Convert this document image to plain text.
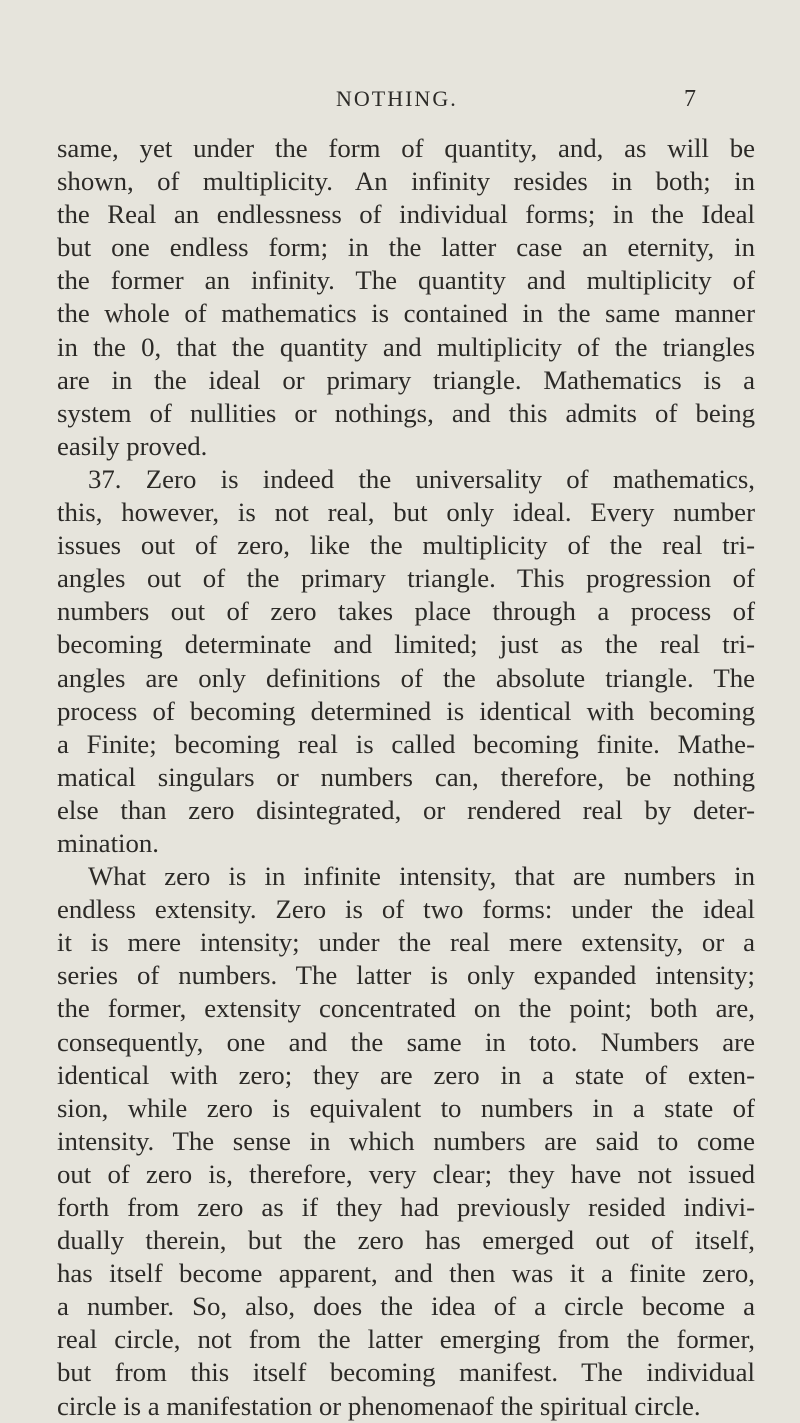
NOTHING.	7
same, yet under the form of quantity, and, as will be
shown, of multiplicity. An infinity resides in both; in
the Real an endlessness of individual forms; in the Ideal
but one endless form; in the latter case an eternity, in
the former an infinity. The quantity and multiplicity of
the whole of mathematics is contained in the same manner
in the 0, that the quantity and multiplicity of the triangles
are in the ideal or primary triangle. Mathematics is a
system of nullities or nothings, and this admits of being
easily proved.
37. Zero is indeed the universality of mathematics,
this, however, is not real, but only ideal. Every number
issues out of zero, like the multiplicity of the real tri-
angles out of the primary triangle. This progression of
numbers out of zero takes place through a process of
becoming determinate and limited; just as the real tri-
angles are only definitions of the absolute triangle. The
process of becoming determined is identical with becoming
a Finite; becoming real is called becoming finite. Mathe-
matical singulars or numbers can, therefore, be nothing
else than zero disintegrated, or rendered real by deter-
mination.
What zero is in infinite intensity, that are numbers in
endless extensity. Zero is of two forms: under the ideal
it is mere intensity; under the real mere extensity, or a
series of numbers. The latter is only expanded intensity;
the former, extensity concentrated on the point; both are,
consequently, one and the same in toto. Numbers are
identical with zero; they are zero in a state of exten-
sion, while zero is equivalent to numbers in a state of
intensity. The sense in which numbers are said to come
out of zero is, therefore, very clear; they have not issued
forth from zero as if they had previously resided indivi-
dually therein, but the zero has emerged out of itself,
has itself become apparent, and then was it a finite zero,
a number. So, also, does the idea of a circle become a
real circle, not from the latter emerging from the former,
but from this itself becoming manifest. The individual
circle is a manifestation or phenomenaof the spiritual circle.
